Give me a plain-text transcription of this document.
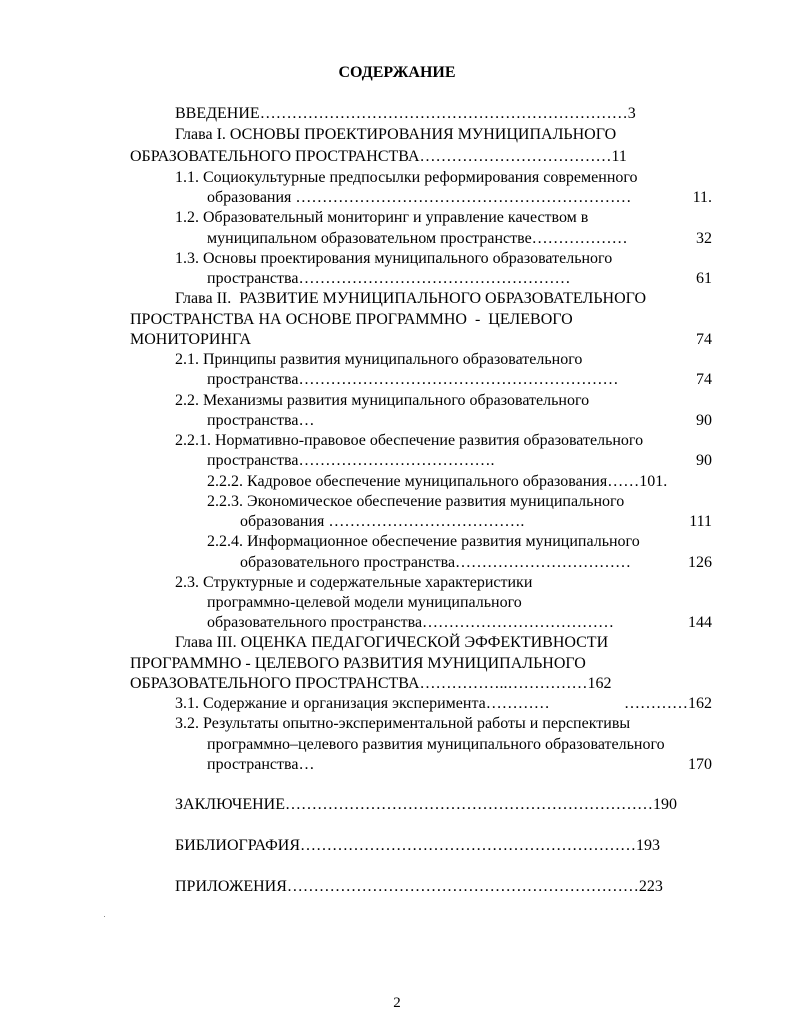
СОДЕРЖАНИЕ
ВВЕДЕНИЕ……………………………………………………………3
Глава I. ОСНОВЫ ПРОЕКТИРОВАНИЯ МУНИЦИПАЛЬНОГО
ОБРАЗОВАТЕЛЬНОГО ПРОСТРАНСТВА………………………………11
1.1. Социокультурные предпосылки реформирования современного
образования ………………………………………………………	11.
1.2. Образовательный мониторинг и управление качеством в
муниципальном образовательном пространстве………………	32
1.3. Основы проектирования муниципального образовательного
пространства……………………………………………	61
Глава II.  РАЗВИТИЕ МУНИЦИПАЛЬНОГО ОБРАЗОВАТЕЛЬНОГО
ПРОСТРАНСТВА НА ОСНОВЕ ПРОГРАММНО  -  ЦЕЛЕВОГО
МОНИТОРИНГА	74
2.1. Принципы развития муниципального образовательного
пространства……………………………………………………	74
2.2. Механизмы развития муниципального образовательного
пространства…	90
2.2.1. Нормативно-правовое обеспечение развития образовательного
пространства……………………………….	90
2.2.2. Кадровое обеспечение муниципального образования……101.
2.2.3. Экономическое обеспечение развития муниципального
образования ……………………………….	111
2.2.4. Информационное обеспечение развития муниципального
образовательного пространства……………………………	126
2.3. Структурные и содержательные характеристики
программно-целевой модели муниципального
образовательного пространства………………………………	144
Глава III. ОЦЕНКА ПЕДАГОГИЧЕСКОЙ ЭФФЕКТИВНОСТИ
ПРОГРАММНО - ЦЕЛЕВОГО РАЗВИТИЯ МУНИЦИПАЛЬНОГО
ОБРАЗОВАТЕЛЬНОГО ПРОСТРАНСТВА……………..……………162
3.1. Содержание и организация эксперимента…………	…………162
3.2. Результаты опытно-экспериментальной работы и перспективы
программно–целевого развития муниципального образовательного
пространства…	170
ЗАКЛЮЧЕНИЕ……………………………………………………………190
БИБЛИОГРАФИЯ………………………………………………………193
ПРИЛОЖЕНИЯ…………………………………………………………223
2
